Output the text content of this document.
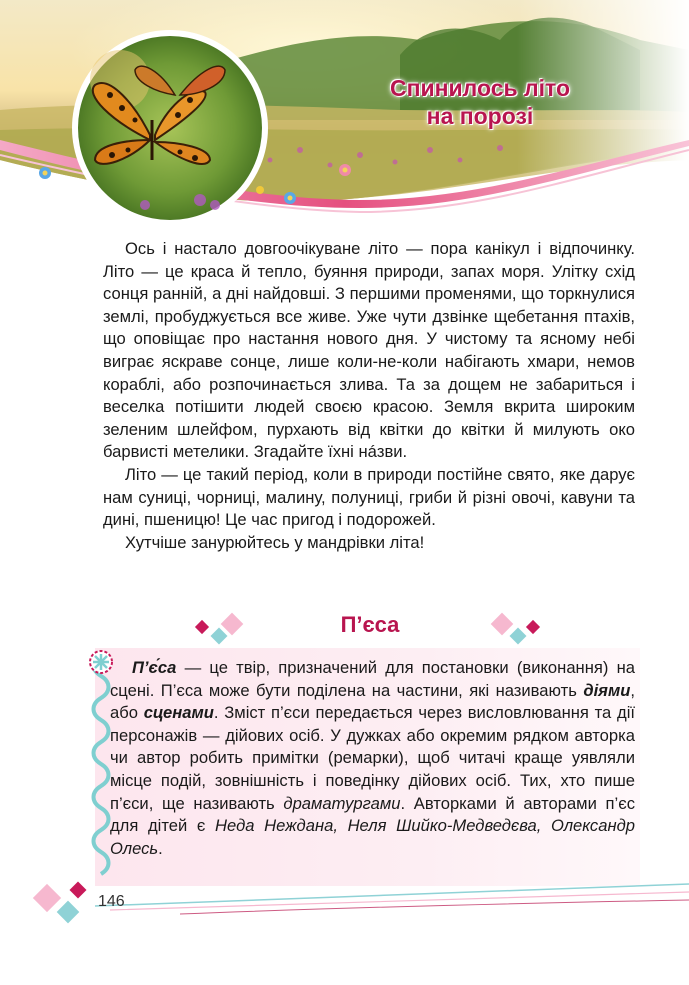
Спинилось літо
на порозі

Ось і настало довгоочікуване літо — пора канікул і відпочинку. Літо — це краса й тепло, буяння природи, запах моря. Улітку схід сонця ранній, а дні найдовші. З першими променями, що торкнулися землі, пробуджується все живе. Уже чути дзвінке щебетання птахів, що оповіщає про настання нового дня. У чистому та ясному небі виграє яскраве сонце, лише коли-не-коли набігають хмари, немов кораблі, або розпочинається злива. Та за дощем не забариться і веселка потішити людей своєю красою. Земля вкрита широким зеленим шлейфом, пурхають від квітки до квітки й милують око барвисті метелики. Згадайте їхні нáзви.

Літо — це такий період, коли в природи постійне свято, яке дарує нам суниці, чорниці, малину, полуниці, гриби й різні овочі, кавуни та дині, пшеницю! Це час пригод і подорожей.

Хутчіше занурюйтесь у мандрівки літа!

П’єса

П’є́са — це твір, призначений для постановки (виконання) на сцені. П’єса може бути поділена на частини, які називають діями, або сценами. Зміст п’єси передається через висловлювання та дії персонажів — дійових осіб. У дужках або окремим рядком авторка чи автор робить примітки (ремарки), щоб читачі краще уявляли місце подій, зовнішність і поведінку дійових осіб. Тих, хто пише п’єси, ще називають драматургами. Авторками й авторами п’єс для дітей є Неда Неждана, Неля Шийко-Медведєва, Олександр Олесь.

146
